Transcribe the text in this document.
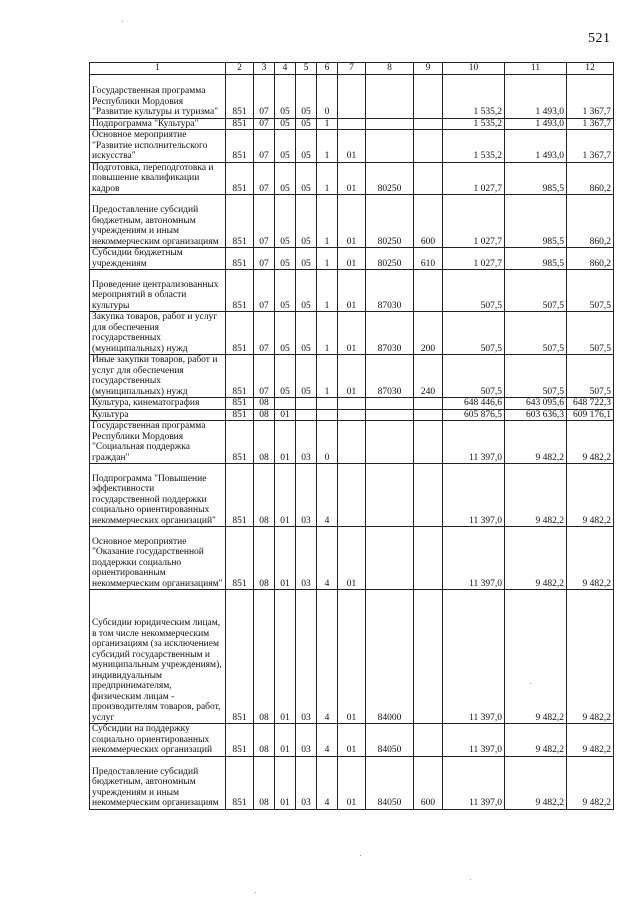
521
1	2	3	4	5	6	7	8	9	10	11	12
Государственная программа Республики Мордовия "Развитие культуры и туризма"	851	07	05	05	0				1 535,2	1 493,0	1 367,7
Подпрограмма "Культура"	851	07	05	05	1				1 535,2	1 493,0	1 367,7
Основное мероприятие "Развитие исполнительского искусства"	851	07	05	05	1	01			1 535,2	1 493,0	1 367,7
Подготовка, переподготовка и повышение квалификации кадров	851	07	05	05	1	01	80250		1 027,7	985,5	860,2
Предоставление субсидий бюджетным, автономным учреждениям и иным некоммерческим организациям	851	07	05	05	1	01	80250	600	1 027,7	985,5	860,2
Субсидии бюджетным учреждениям	851	07	05	05	1	01	80250	610	1 027,7	985,5	860,2
Проведение централизованных мероприятий в области культуры	851	07	05	05	1	01	87030		507,5	507,5	507,5
Закупка товаров, работ и услуг для обеспечения государственных (муниципальных) нужд	851	07	05	05	1	01	87030	200	507,5	507,5	507,5
Иные закупки товаров, работ и услуг для обеспечения государственных (муниципальных) нужд	851	07	05	05	1	01	87030	240	507,5	507,5	507,5
Культура, кинематография	851	08							648 446,6	643 095,6	648 722,3
Культура	851	08	01						605 876,5	603 636,3	609 176,1
Государственная программа Республики Мордовия "Социальная поддержка граждан"	851	08	01	03	0				11 397,0	9 482,2	9 482,2
Подпрограмма "Повышение эффективности государственной поддержки социально ориентированных некоммерческих организаций"	851	08	01	03	4				11 397,0	9 482,2	9 482,2
Основное мероприятие "Оказание государственной поддержки социально ориентированным некоммерческим организациям"	851	08	01	03	4	01			11 397,0	9 482,2	9 482,2
Субсидии юридическим лицам, в том числе некоммерческим организациям (за исключением субсидий государственным и муниципальным учреждениям), индивидуальным предпринимателям, физическим лицам - производителям товаров, работ, услуг	851	08	01	03	4	01	84000		11 397,0	9 482,2	9 482,2
Субсидии на поддержку социально ориентированных некоммерческих организаций	851	08	01	03	4	01	84050		11 397,0	9 482,2	9 482,2
Предоставление субсидий бюджетным, автономным учреждениям и иным некоммерческим организациям	851	08	01	03	4	01	84050	600	11 397,0	9 482,2	9 482,2
